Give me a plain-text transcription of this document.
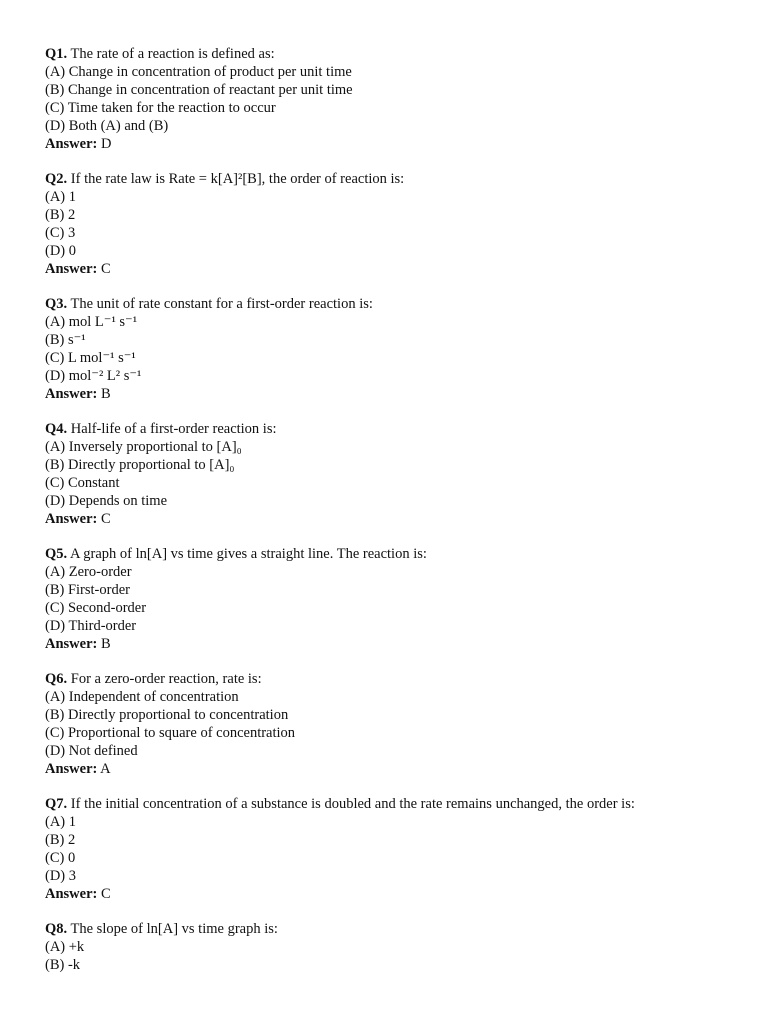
Q1. The rate of a reaction is defined as:
(A) Change in concentration of product per unit time
(B) Change in concentration of reactant per unit time
(C) Time taken for the reaction to occur
(D) Both (A) and (B)
Answer: D
Q2. If the rate law is Rate = k[A]²[B], the order of reaction is:
(A) 1
(B) 2
(C) 3
(D) 0
Answer: C
Q3. The unit of rate constant for a first-order reaction is:
(A) mol L⁻¹ s⁻¹
(B) s⁻¹
(C) L mol⁻¹ s⁻¹
(D) mol⁻² L² s⁻¹
Answer: B
Q4. Half-life of a first-order reaction is:
(A) Inversely proportional to [A]₀
(B) Directly proportional to [A]₀
(C) Constant
(D) Depends on time
Answer: C
Q5. A graph of ln[A] vs time gives a straight line. The reaction is:
(A) Zero-order
(B) First-order
(C) Second-order
(D) Third-order
Answer: B
Q6. For a zero-order reaction, rate is:
(A) Independent of concentration
(B) Directly proportional to concentration
(C) Proportional to square of concentration
(D) Not defined
Answer: A
Q7. If the initial concentration of a substance is doubled and the rate remains unchanged, the order is:
(A) 1
(B) 2
(C) 0
(D) 3
Answer: C
Q8. The slope of ln[A] vs time graph is:
(A) +k
(B) -k
